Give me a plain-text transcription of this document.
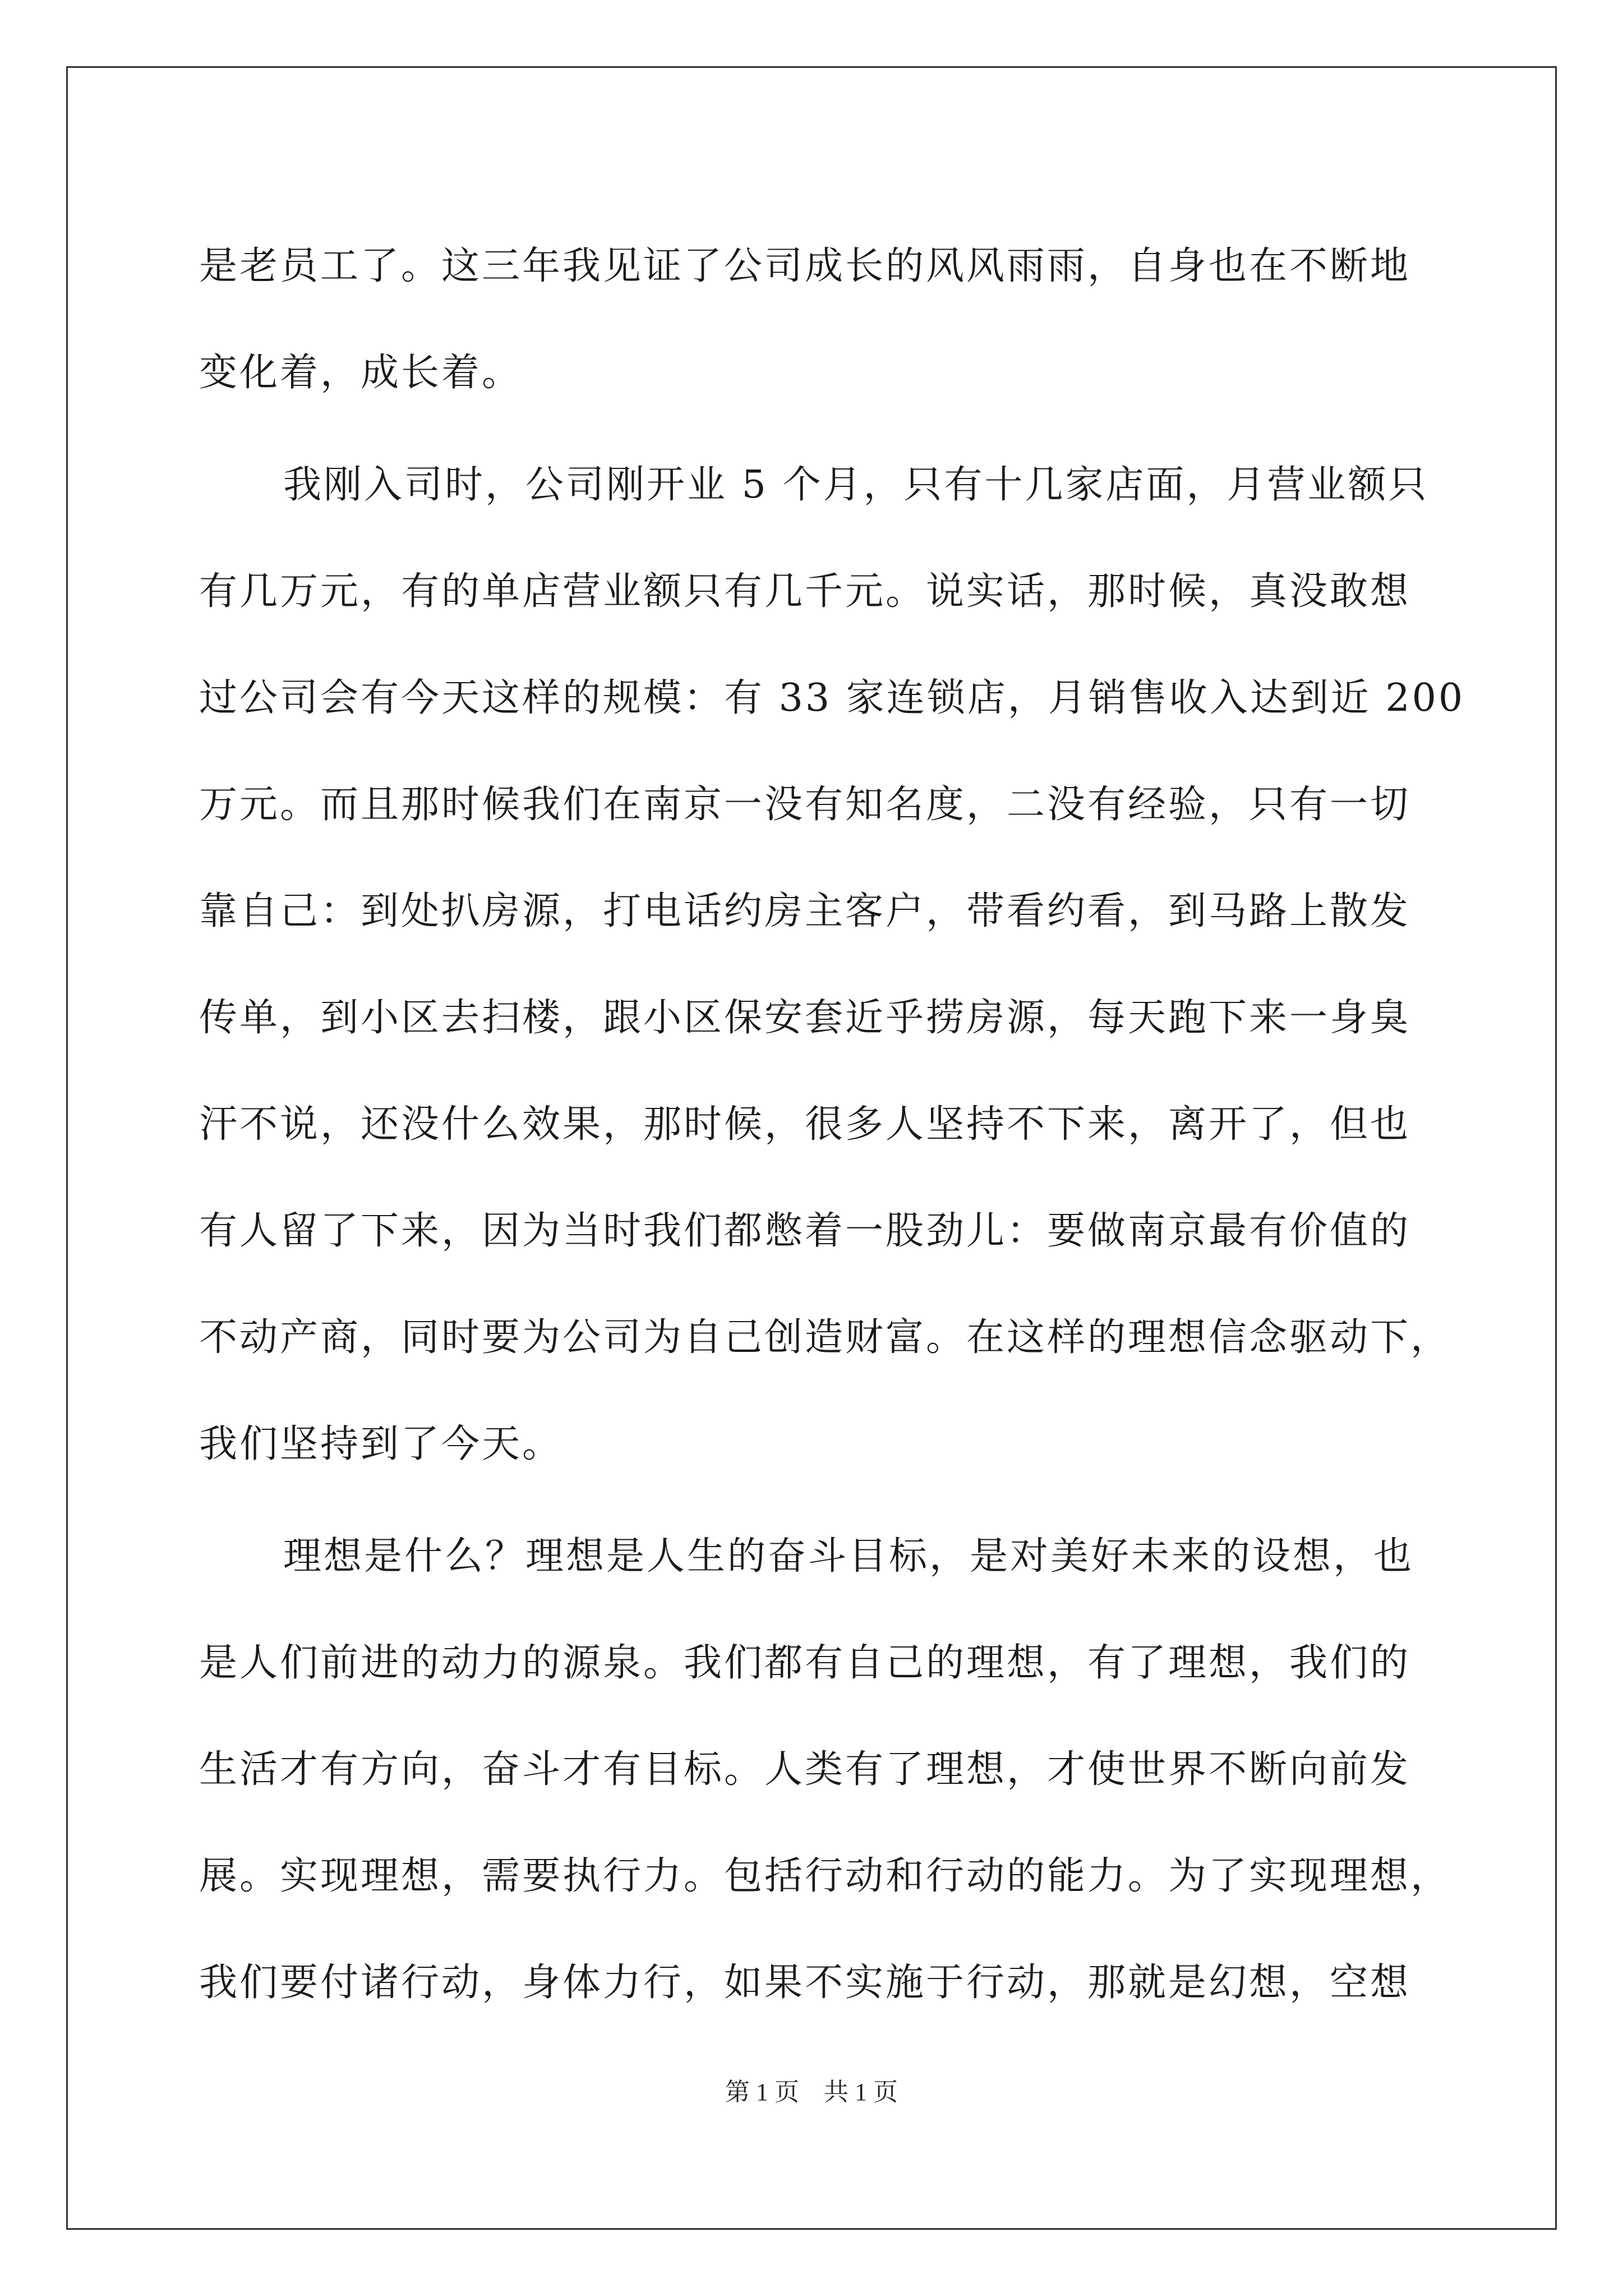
是老员工了。这三年我见证了公司成长的风风雨雨，自身也在不断地
变化着，成长着。
我刚入司时，公司刚开业 5 个月，只有十几家店面，月营业额只
有几万元，有的单店营业额只有几千元。说实话，那时候，真没敢想
过公司会有今天这样的规模：有 33 家连锁店，月销售收入达到近 200
万元。而且那时候我们在南京一没有知名度，二没有经验，只有一切
靠自己：到处扒房源，打电话约房主客户，带看约看，到马路上散发
传单，到小区去扫楼，跟小区保安套近乎捞房源，每天跑下来一身臭
汗不说，还没什么效果，那时候，很多人坚持不下来，离开了，但也
有人留了下来，因为当时我们都憋着一股劲儿：要做南京最有价值的
不动产商，同时要为公司为自己创造财富。在这样的理想信念驱动下，
我们坚持到了今天。
理想是什么？理想是人生的奋斗目标，是对美好未来的设想，也
是人们前进的动力的源泉。我们都有自己的理想，有了理想，我们的
生活才有方向，奋斗才有目标。人类有了理想，才使世界不断向前发
展。实现理想，需要执行力。包括行动和行动的能力。为了实现理想，
我们要付诸行动，身体力行，如果不实施于行动，那就是幻想，空想
第 1 页　共 1 页
